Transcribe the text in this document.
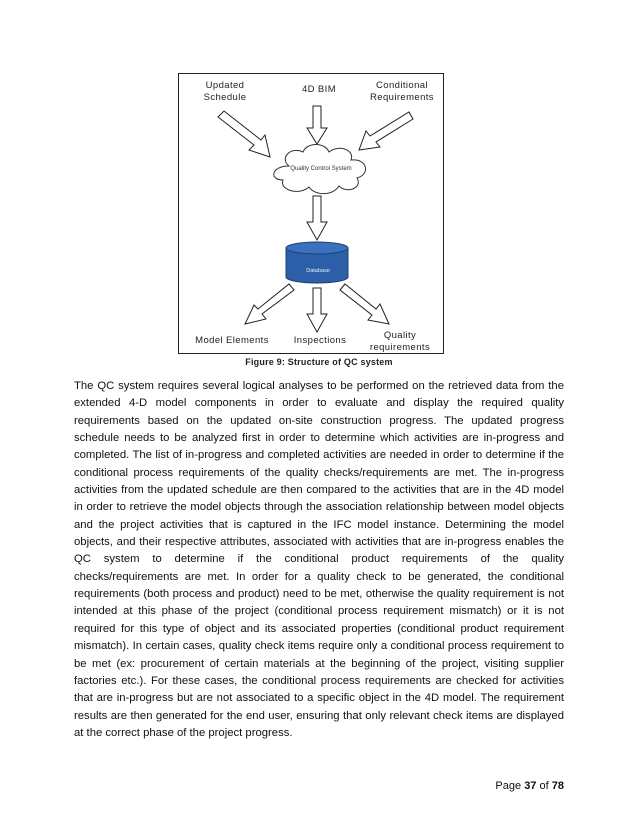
Updated
Schedule
4D BIM	Conditional
Requirements
Quality Control System
Database
Model Elements	Inspections	Quality
requirements
Figure 9: Structure of QC system

The QC system requires several logical analyses to be performed on the retrieved data from the extended 4-D model components in order to evaluate and display the required quality requirements based on the updated on-site construction progress. The updated progress schedule needs to be analyzed first in order to determine which activities are in-progress and completed. The list of in-progress and completed activities are needed in order to determine if the conditional process requirements of the quality checks/requirements are met. The in-progress activities from the updated schedule are then compared to the activities that are in the 4D model in order to retrieve the model objects through the association relationship between model objects and the project activities that is captured in the IFC model instance. Determining the model objects, and their respective attributes, associated with activities that are in-progress enables the QC system to determine if the conditional product requirements of the quality checks/requirements are met. In order for a quality check to be generated, the conditional requirements (both process and product) need to be met, otherwise the quality requirement is not intended at this phase of the project (conditional process requirement mismatch) or it is not required for this type of object and its associated properties (conditional product requirement mismatch). In certain cases, quality check items require only a conditional process requirement to be met (ex: procurement of certain materials at the beginning of the project, visiting supplier factories etc.). For these cases, the conditional process requirements are checked for activities that are in-progress but are not associated to a specific object in the 4D model. The requirement results are then generated for the end user, ensuring that only relevant check items are displayed at the correct phase of the project progress.

Page 37 of 78
